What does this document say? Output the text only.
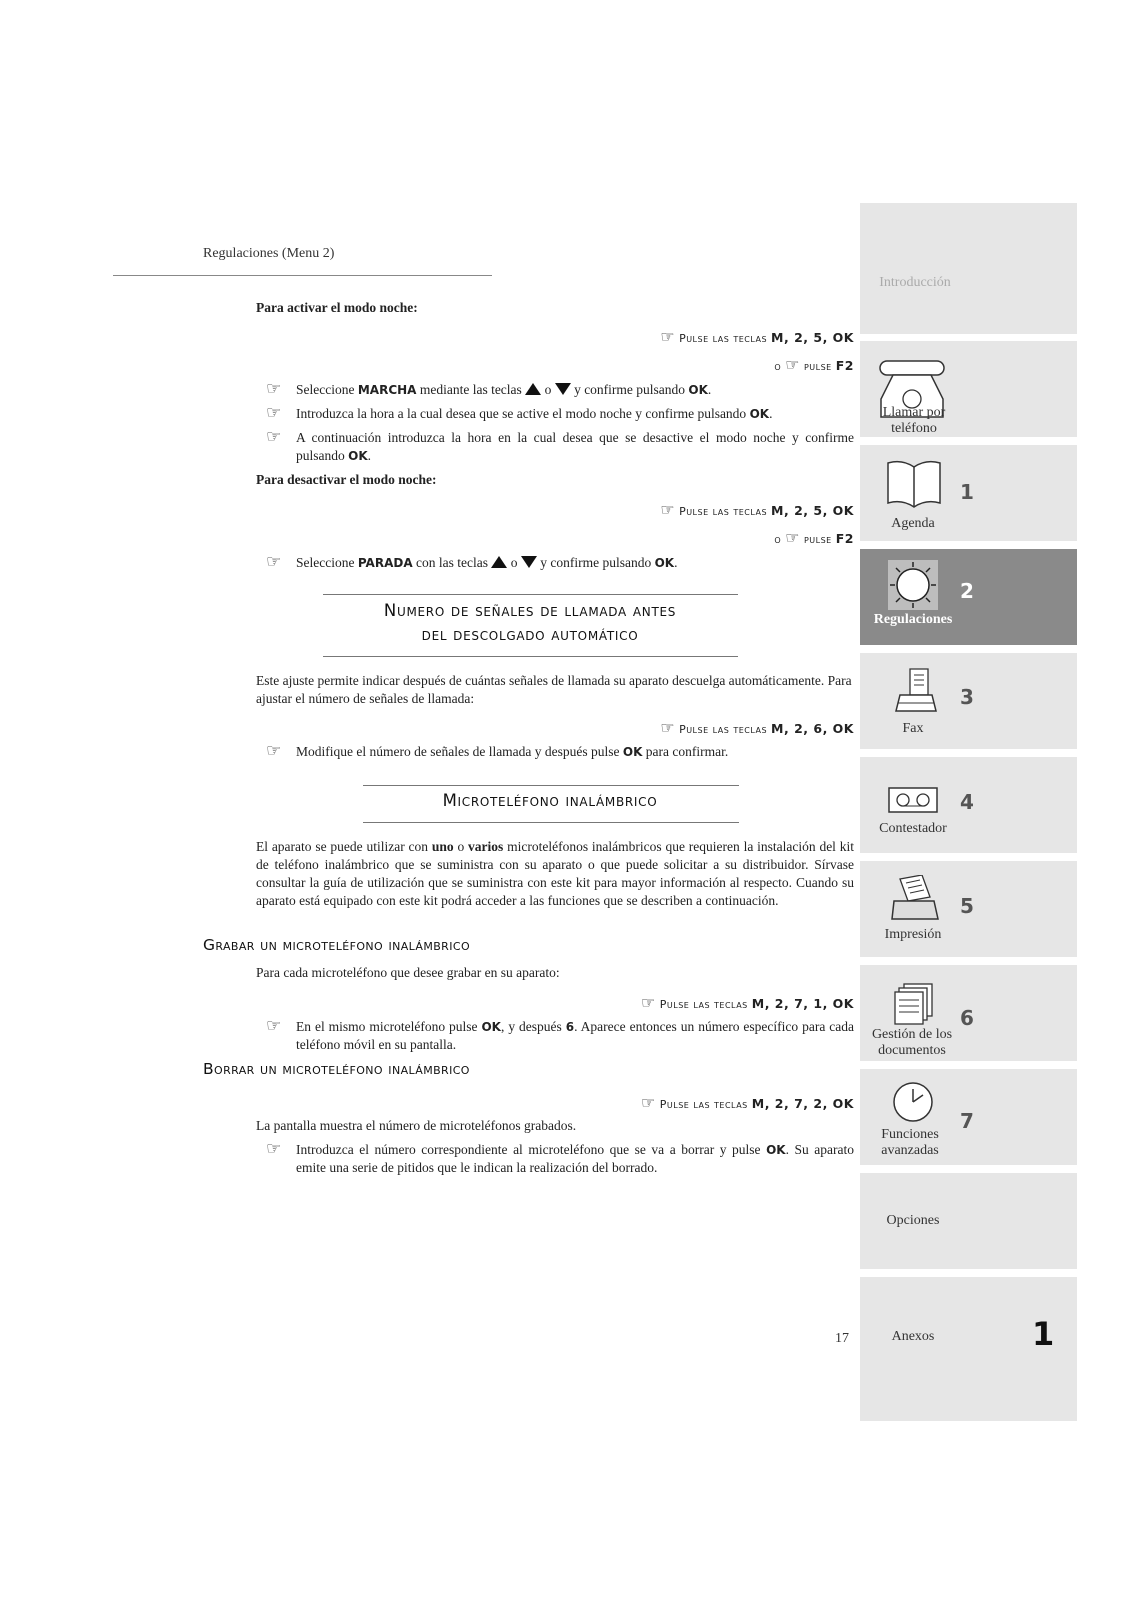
Regulaciones (Menu 2)
Para activar el modo noche:
☞ Pulse las teclas M, 2, 5, OK
o ☞ pulse F2
☞ Seleccione MARCHA mediante las teclas o y confirme pulsando OK.
☞ Introduzca la hora a la cual desea que se active el modo noche y confirme pulsando OK.
☞ A continuación introduzca la hora en la cual desea que se desactive el modo noche y confirme pulsando OK.
Para desactivar el modo noche:
☞ Pulse las teclas M, 2, 5, OK
o ☞ pulse F2
☞ Seleccione PARADA con las teclas o y confirme pulsando OK.
Numero de señales de llamada antes
del descolgado automático
Este ajuste permite indicar después de cuántas señales de llamada su aparato descuelga automáticamente. Para ajustar el número de señales de llamada:
☞ Pulse las teclas M, 2, 6, OK
☞ Modifique el número de señales de llamada y después pulse OK para confirmar.
Microteléfono inalámbrico
El aparato se puede utilizar con uno o varios microteléfonos inalámbricos que requieren la instalación del kit de teléfono inalámbrico que se suministra con su aparato o que puede solicitar a su distribuidor. Sírvase consultar la guía de utilización que se suministra con este kit para mayor información al respecto. Cuando su aparato está equipado con este kit podrá acceder a las funciones que se describen a continuación.
Grabar un microteléfono inalámbrico
Para cada microteléfono que desee grabar en su aparato:
☞ Pulse las teclas M, 2, 7, 1, OK
☞ En el mismo microteléfono pulse OK, y después 6. Aparece entonces un número específico para cada teléfono móvil en su pantalla.
Borrar un microteléfono inalámbrico
☞ Pulse las teclas M, 2, 7, 2, OK
La pantalla muestra el número de microteléfonos grabados.
☞ Introduzca el número correspondiente al microteléfono que se va a borrar y pulse OK. Su aparato emite una serie de pitidos que le indican la realización del borrado.
17
Introducción
Llamar por teléfono
1
Agenda
2
Regulaciones
3
Fax
4
Contestador
5
Impresión
6
Gestión de los documentos
7
Funciones avanzadas
Opciones
Anexos	1
